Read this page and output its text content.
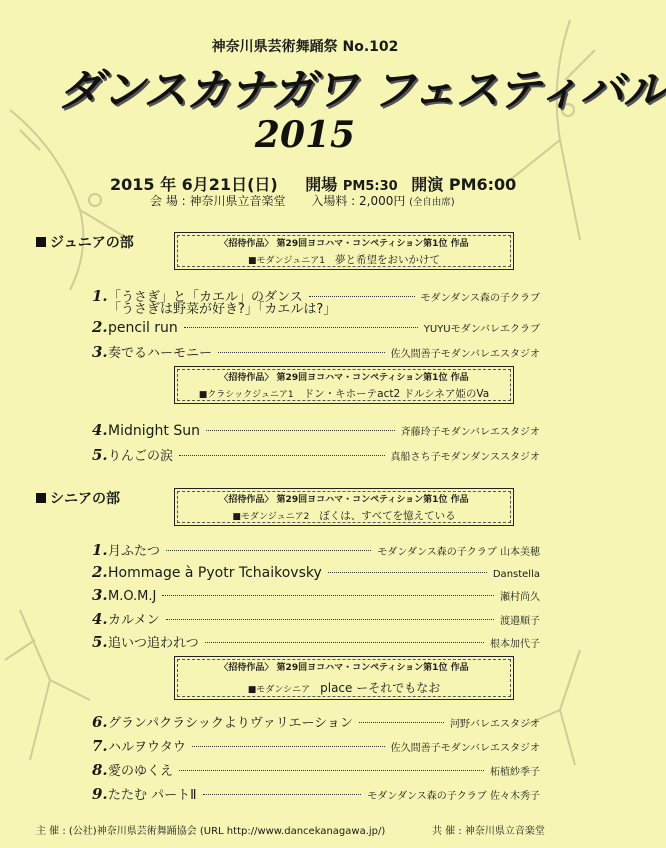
神奈川県芸術舞踊祭 No.102
ダンスカナガワ フェスティバル
2015
2015 年 6月21日(日) 開場 PM5:30 開演 PM6:00
会 場 : 神奈川県立音楽堂 入場料 : 2,000円 (全自由席)
ジュニアの部	〈招待作品〉 第29回ヨコハマ・コンペティション第1位 作品
■モダンジュニア1 夢と希望をおいかけて
1. 「うさぎ」と「カエル」のダンス	モダンダンス森の子クラブ
「うさぎは野菜が好き?」「カエルは?」
2. pencil run	YUYUモダンバレエクラブ
3. 奏でるハーモニー	佐久間善子モダンバレエスタジオ
〈招待作品〉 第29回ヨコハマ・コンペティション第1位 作品
■クラシックジュニア1 ドン・キホーテact2 ドルシネア姫のVa
4. Midnight Sun	斉藤玲子モダンバレエスタジオ
5. りんごの涙	真船さち子モダンダンススタジオ
シニアの部	〈招待作品〉 第29回ヨコハマ・コンペティション第1位 作品
■モダンジュニア2 ぼくは、すべてを憶えている
1. 月ふたつ	モダンダンス森の子クラブ 山本美穂
2. Hommage à Pyotr Tchaikovsky	Danstella
3. M.O.M.J	瀬村尚久
4. カルメン	渡邉順子
5. 追いつ追われつ	根本加代子
〈招待作品〉 第29回ヨコハマ・コンペティション第1位 作品
■モダンシニア place ーそれでもなお
6. グランパクラシックよりヴァリエーション	河野バレエスタジオ
7. ハルヲウタウ	佐久間善子モダンバレエスタジオ
8. 愛のゆくえ	柘植紗季子
9. たたむ パートⅡ	モダンダンス森の子クラブ 佐々木秀子
主 催 : (公社)神奈川県芸術舞踊協会 (URL http://www.dancekanagawa.jp/)	共 催 : 神奈川県立音楽堂
